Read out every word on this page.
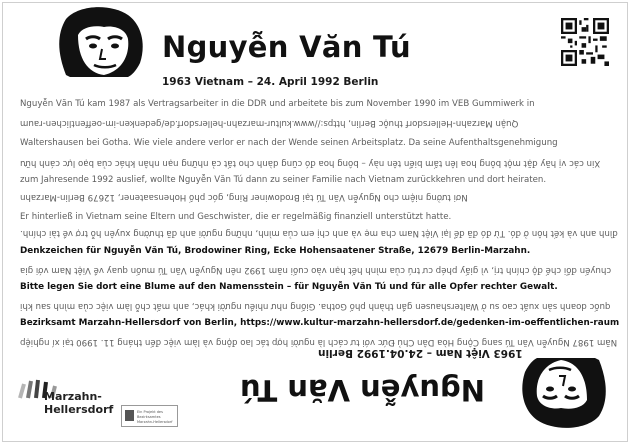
Nguyễn Văn Tú
1963 Vietnam – 24. April 1992 Berlin
Nguyễn Văn Tú kam 1987 als Vertragsarbeiter in die DDR und arbeitete bis zum November 1990 im VEB Gummiwerk in
Quận Marzahn-Hellersdorf thuộc Berlin, https://www.kultur-marzahn-hellersdorf.de/gedenken-im-oeffentlichen-raum
Waltershausen bei Gotha. Wie viele andere verlor er nach der Wende seinen Arbeitsplatz. Da seine Aufenthaltsgenehmigung
Xin các vị hãy đặt một bông hoa lên tấm biển tên này – bông hoa đó cũng dành cho tất cả những nạn nhân khác của bạo lực cánh hữu
zum Jahresende 1992 auslief, wollte Nguyễn Văn Tú dann zu seiner Familie nach Vietnam zurückkehren und dort heiraten.
Nơi tưởng niệm cho Nguyễn Văn Tú tại Brodowiner Ring, góc phố Hohensaatener, 12679 Berlin-Marzahn
Er hinterließ in Vietnam seine Eltern und Geschwister, die er regelmäßig finanziell unterstützt hatte.
đình anh và kết hôn ở đó. Từ đó đã để lại Việt Nam cha mẹ và anh chị em của mình, những người anh đã thường xuyên hỗ trợ về tài chính.
Denkzeichen für Nguyễn Văn Tú, Brodowiner Ring, Ecke Hohensaatener Straße, 12679 Berlin-Marzahn.
chuyến đổi chế độ chính trị, vì giấy phép cư trú của mình hết hạn vào cuối năm 1992 nên Nguyễn Văn Tú muốn quay về Việt Nam với gia
Bitte legen Sie dort eine Blume auf den Namensstein – für Nguyễn Văn Tú und für alle Opfer rechter Gewalt.
quốc doanh sản xuất cao su ở Waltershausen gần thành phố Gotha. Giống như nhiều người khác, anh mất chỗ làm việc của mình sau khi
Bezirksamt Marzahn-Hellersdorf von Berlin, https://www.kultur-marzahn-hellersdorf.de/gedenken-im-oeffentlichen-raum
Năm 1987 Nguyễn Văn Tú sang Cộng Hòa Dân Chủ Đức với tư cách là người hợp tác lao động và làm việc đến tháng 11. 1990 tại xí nghiệp
1963 Việt Nam – 24.04.1992 Berlin
Nguyễn Văn Tú
Marzahn-
Hellersdorf	Ein Projekt des Bezirksamtes Marzahn-Hellersdorf
